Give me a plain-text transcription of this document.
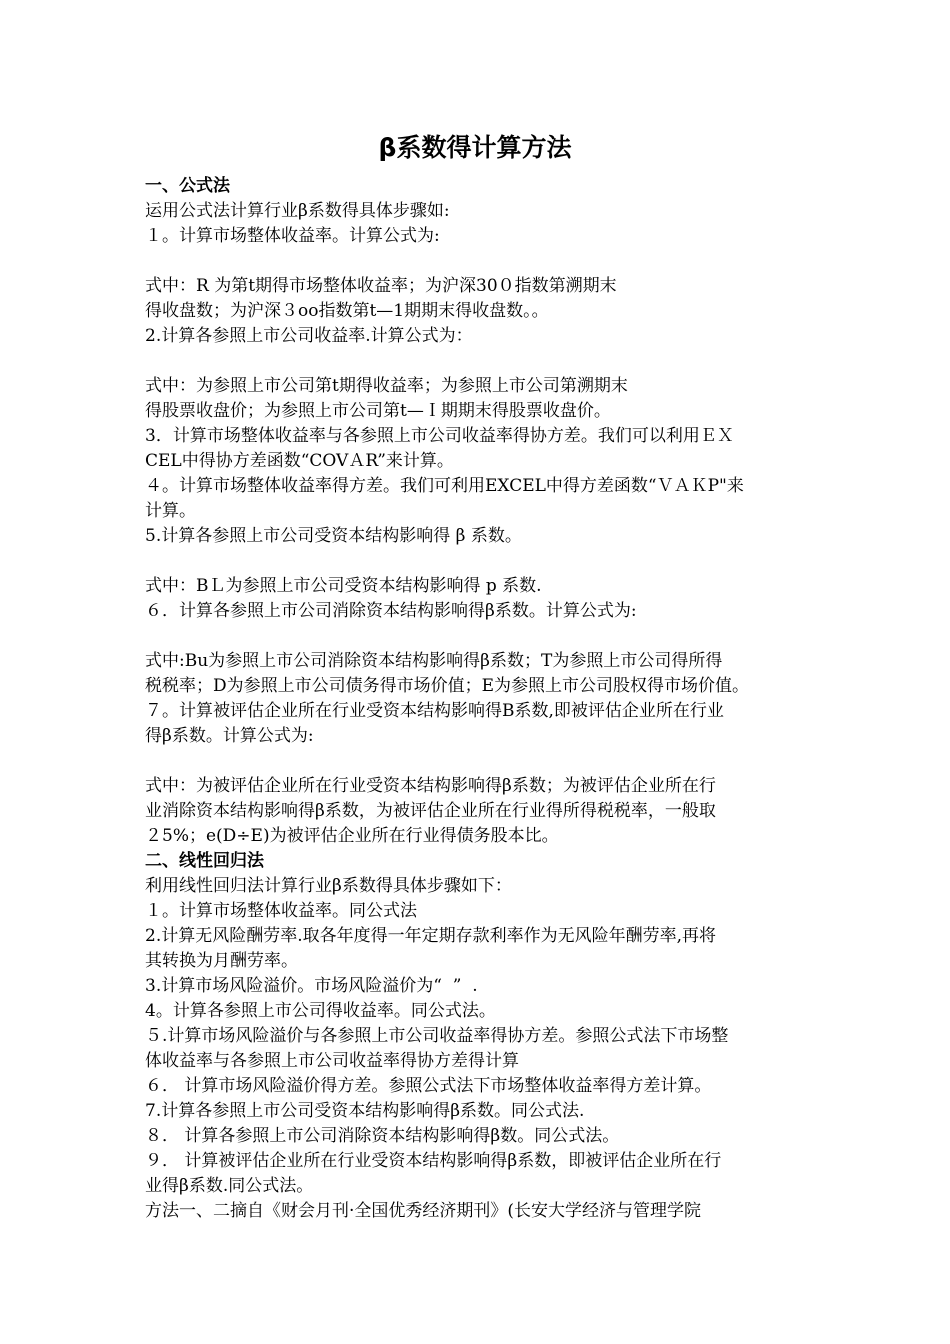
β系数得计算方法
一、公式法
运用公式法计算行业β系数得具体步骤如:
１。计算市场整体收益率。计算公式为:
式中：R 为第t期得市场整体收益率；为沪深30０指数第溯期末
得收盘数；为沪深３oo指数第t—1期期末得收盘数。。
2.计算各参照上市公司收益率.计算公式为：
式中：为参照上市公司第t期得收益率；为参照上市公司第溯期末
得股票收盘价；为参照上市公司第t—Ｉ期期末得股票收盘价。
3．计算市场整体收益率与各参照上市公司收益率得协方差。我们可以利用ＥＸ
CEL中得协方差函数“COVＡR”来计算。
４。计算市场整体收益率得方差。我们可利用EXCEL中得方差函数“ＶＡＫP"来
计算。
5.计算各参照上市公司受资本结构影响得 β 系数。
式中：BＬ为参照上市公司受资本结构影响得 p 系数.
６．计算各参照上市公司消除资本结构影响得β系数。计算公式为:
式中:Bu为参照上市公司消除资本结构影响得β系数；T为参照上市公司得所得
税税率；D为参照上市公司债务得市场价值；E为参照上市公司股权得市场价值。
７。计算被评估企业所在行业受资本结构影响得B系数,即被评估企业所在行业
得β系数。计算公式为:
式中：为被评估企业所在行业受资本结构影响得β系数；为被评估企业所在行
业消除资本结构影响得β系数，为被评估企业所在行业得所得税税率，一般取
２5%；e(D÷E)为被评估企业所在行业得债务股本比。
二、线性回归法
利用线性回归法计算行业β系数得具体步骤如下：
１。计算市场整体收益率。同公式法
2.计算无风险酬劳率.取各年度得一年定期存款利率作为无风险年酬劳率,再将
其转换为月酬劳率。
3.计算市场风险溢价。市场风险溢价为“  ”  .
4。计算各参照上市公司得收益率。同公式法。
５.计算市场风险溢价与各参照上市公司收益率得协方差。参照公式法下市场整
体收益率与各参照上市公司收益率得协方差得计算
６． 计算市场风险溢价得方差。参照公式法下市场整体收益率得方差计算。
7.计算各参照上市公司受资本结构影响得β系数。同公式法.
８． 计算各参照上市公司消除资本结构影响得β数。同公式法。
９． 计算被评估企业所在行业受资本结构影响得β系数，即被评估企业所在行
业得β系数.同公式法。
方法一、二摘自《财会月刊·全国优秀经济期刊》(长安大学经济与管理学院
